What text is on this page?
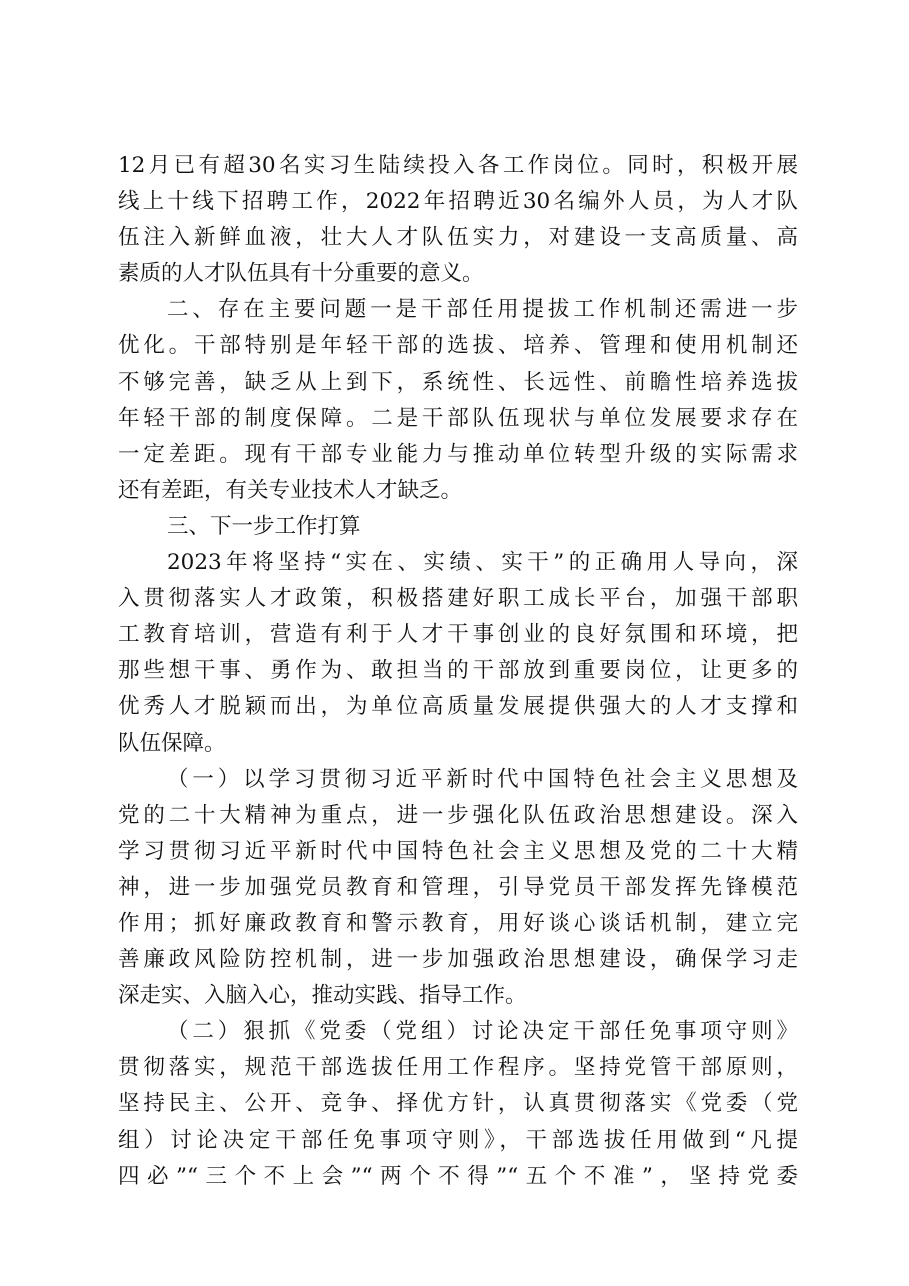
12月已有超30名实习生陆续投入各工作岗位。同时，积极开展
线上十线下招聘工作，2022年招聘近30名编外人员，为人才队
伍注入新鲜血液，壮大人才队伍实力，对建设一支高质量、高
素质的人才队伍具有十分重要的意义。
二、存在主要问题一是干部任用提拔工作机制还需进一步
优化。干部特别是年轻干部的选拔、培养、管理和使用机制还
不够完善，缺乏从上到下，系统性、长远性、前瞻性培养选拔
年轻干部的制度保障。二是干部队伍现状与单位发展要求存在
一定差距。现有干部专业能力与推动单位转型升级的实际需求
还有差距，有关专业技术人才缺乏。
三、下一步工作打算
2023年将坚持“实在、实绩、实干”的正确用人导向，深
入贯彻落实人才政策，积极搭建好职工成长平台，加强干部职
工教育培训，营造有利于人才干事创业的良好氛围和环境，把
那些想干事、勇作为、敢担当的干部放到重要岗位，让更多的
优秀人才脱颖而出，为单位高质量发展提供强大的人才支撑和
队伍保障。
（一）以学习贯彻习近平新时代中国特色社会主义思想及
党的二十大精神为重点，进一步强化队伍政治思想建设。深入
学习贯彻习近平新时代中国特色社会主义思想及党的二十大精
神，进一步加强党员教育和管理，引导党员干部发挥先锋模范
作用；抓好廉政教育和警示教育，用好谈心谈话机制，建立完
善廉政风险防控机制，进一步加强政治思想建设，确保学习走
深走实、入脑入心，推动实践、指导工作。
（二）狠抓《党委（党组）讨论决定干部任免事项守则》
贯彻落实，规范干部选拔任用工作程序。坚持党管干部原则，
坚持民主、公开、竞争、择优方针，认真贯彻落实《党委（党
组）讨论决定干部任免事项守则》，干部选拔任用做到“凡提
四必”“三个不上会”“两个不得”“五个不准”，坚持党委
